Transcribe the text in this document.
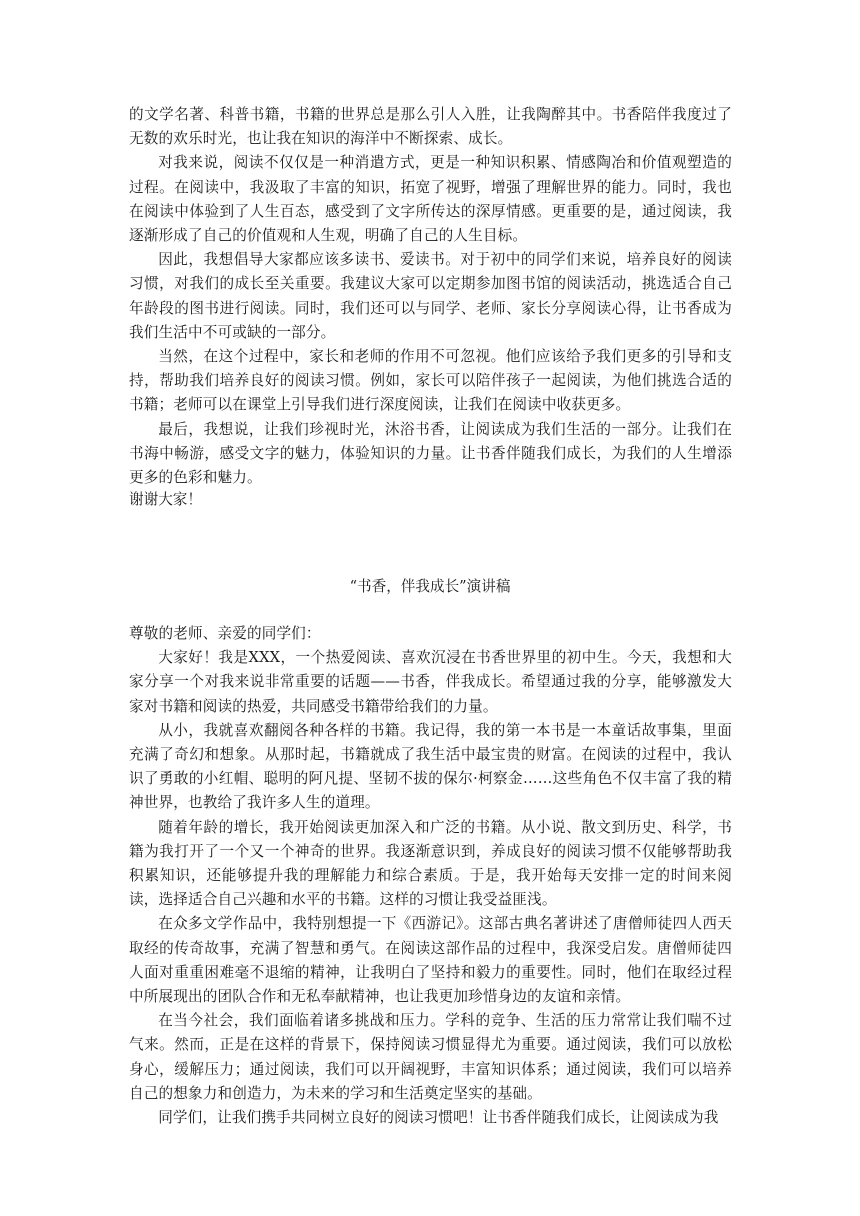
的文学名著、科普书籍，书籍的世界总是那么引人入胜，让我陶醉其中。书香陪伴我度过了无数的欢乐时光，也让我在知识的海洋中不断探索、成长。

对我来说，阅读不仅仅是一种消遣方式，更是一种知识积累、情感陶冶和价值观塑造的过程。在阅读中，我汲取了丰富的知识，拓宽了视野，增强了理解世界的能力。同时，我也在阅读中体验到了人生百态，感受到了文字所传达的深厚情感。更重要的是，通过阅读，我逐渐形成了自己的价值观和人生观，明确了自己的人生目标。

因此，我想倡导大家都应该多读书、爱读书。对于初中的同学们来说，培养良好的阅读习惯，对我们的成长至关重要。我建议大家可以定期参加图书馆的阅读活动，挑选适合自己年龄段的图书进行阅读。同时，我们还可以与同学、老师、家长分享阅读心得，让书香成为我们生活中不可或缺的一部分。

当然，在这个过程中，家长和老师的作用不可忽视。他们应该给予我们更多的引导和支持，帮助我们培养良好的阅读习惯。例如，家长可以陪伴孩子一起阅读，为他们挑选合适的书籍；老师可以在课堂上引导我们进行深度阅读，让我们在阅读中收获更多。

最后，我想说，让我们珍视时光，沐浴书香，让阅读成为我们生活的一部分。让我们在书海中畅游，感受文字的魅力，体验知识的力量。让书香伴随我们成长，为我们的人生增添更多的色彩和魅力。

谢谢大家！
“书香，伴我成长”演讲稿

尊敬的老师、亲爱的同学们：

大家好！我是XXX，一个热爱阅读、喜欢沉浸在书香世界里的初中生。今天，我想和大家分享一个对我来说非常重要的话题——书香，伴我成长。希望通过我的分享，能够激发大家对书籍和阅读的热爱，共同感受书籍带给我们的力量。

从小，我就喜欢翻阅各种各样的书籍。我记得，我的第一本书是一本童话故事集，里面充满了奇幻和想象。从那时起，书籍就成了我生活中最宝贵的财富。在阅读的过程中，我认识了勇敢的小红帽、聪明的阿凡提、坚韧不拔的保尔·柯察金……这些角色不仅丰富了我的精神世界，也教给了我许多人生的道理。

随着年龄的增长，我开始阅读更加深入和广泛的书籍。从小说、散文到历史、科学，书籍为我打开了一个又一个神奇的世界。我逐渐意识到，养成良好的阅读习惯不仅能够帮助我积累知识，还能够提升我的理解能力和综合素质。于是，我开始每天安排一定的时间来阅读，选择适合自己兴趣和水平的书籍。这样的习惯让我受益匪浅。

在众多文学作品中，我特别想提一下《西游记》。这部古典名著讲述了唐僧师徒四人西天取经的传奇故事，充满了智慧和勇气。在阅读这部作品的过程中，我深受启发。唐僧师徒四人面对重重困难毫不退缩的精神，让我明白了坚持和毅力的重要性。同时，他们在取经过程中所展现出的团队合作和无私奉献精神，也让我更加珍惜身边的友谊和亲情。

在当今社会，我们面临着诸多挑战和压力。学科的竞争、生活的压力常常让我们喘不过气来。然而，正是在这样的背景下，保持阅读习惯显得尤为重要。通过阅读，我们可以放松身心，缓解压力；通过阅读，我们可以开阔视野，丰富知识体系；通过阅读，我们可以培养自己的想象力和创造力，为未来的学习和生活奠定坚实的基础。

同学们，让我们携手共同树立良好的阅读习惯吧！让书香伴随我们成长，让阅读成为我
